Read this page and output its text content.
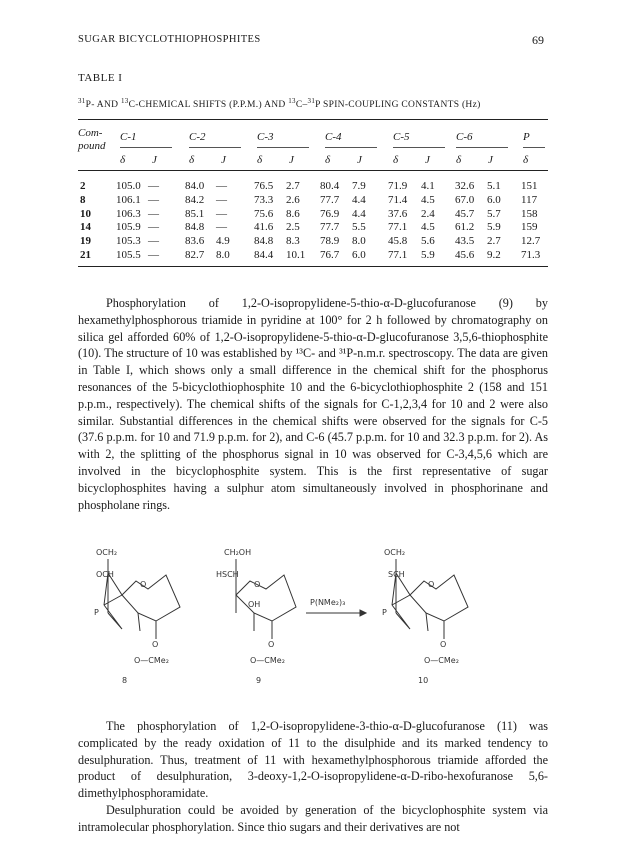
SUGAR BICYCLOTHIOPHOSPHITES	69
TABLE I
$^{31}$P- AND $^{13}$C-CHEMICAL SHIFTS (P.P.M.) AND $^{13}$C–$^{31}$P SPIN-COUPLING CONSTANTS (Hz)
Com-
pound
C-1
δ J
C-2
δ J
C-3
δ J
C-4
δ J
C-5
δ J
C-6
δ J
P
δ
2	105.0 — 84.0 — 76.5 2.7 80.4 7.9 71.9 4.1 32.6 5.1 151
8	106.1 — 84.2 — 73.3 2.6 77.7 4.4 71.4 4.5 67.0 6.0 117
10 106.3 — 85.1 — 75.6 8.6 76.9 4.4 37.6 2.4 45.7 5.7 158
14 105.9 — 84.8 — 41.6 2.5 77.7 5.5 77.1 4.5 61.2 5.9 159
19 105.3 — 83.6 4.9 84.8 8.3 78.9 8.0 45.8 5.6 43.5 2.7 12.7
21 105.5 — 82.7 8.0 84.4 10.1 76.7 6.0 77.1 5.9 45.6 9.2 71.3

Phosphorylation of 1,2-O-isopropylidene-5-thio-α-D-glucofuranose (9) by hexamethylphosphorous triamide in pyridine at 100° for 2 h followed by chromatography on silica gel afforded 60% of 1,2-O-isopropylidene-5-thio-α-D-glucofuranose 3,5,6-thiophosphite (10). The structure of 10 was established by ¹³C- and ³¹P-n.m.r. spectroscopy. The data are given in Table I, which shows only a small difference in the chemical shift for the phosphorus resonances of the 5-bicyclothiophosphite 10 and the 6-bicyclothiophosphite 2 (158 and 151 p.p.m., respectively). The chemical shifts of the signals for C-1,2,3,4 for 10 and 2 were also similar. Substantial differences in the chemical shifts were observed for the signals for C-5 (37.6 p.p.m. for 10 and 71.9 p.p.m. for 2), and C-6 (45.7 p.p.m. for 10 and 32.3 p.p.m. for 2). As with 2, the splitting of the phosphorus signal in 10 was observed for C-3,4,5,6 which are involved in the bicyclophosphite system. This is the first representative of sugar bicyclophosphites having a sulphur atom simultaneously involved in phosphorinane and phospholane rings.

OCH₂
OCH
O
P
O
O—CMe₂
8
CH₂OH
HSCH
O
OH
O
O—CMe₂
9
P(NMe₂)₃
OCH₂
SCH
O
P
O
O—CMe₂
10

The phosphorylation of 1,2-O-isopropylidene-3-thio-α-D-glucofuranose (11) was complicated by the ready oxidation of 11 to the disulphide and its marked tendency to desulphuration. Thus, treatment of 11 with hexamethylphosphorous triamide afforded the product of desulphuration, 3-deoxy-1,2-O-isopropylidene-α-D-ribo-hexofuranose 5,6-dimethylphosphoramidate.

Desulphuration could be avoided by generation of the bicyclophosphite system via intramolecular phosphorylation. Since thio sugars and their derivatives are not
